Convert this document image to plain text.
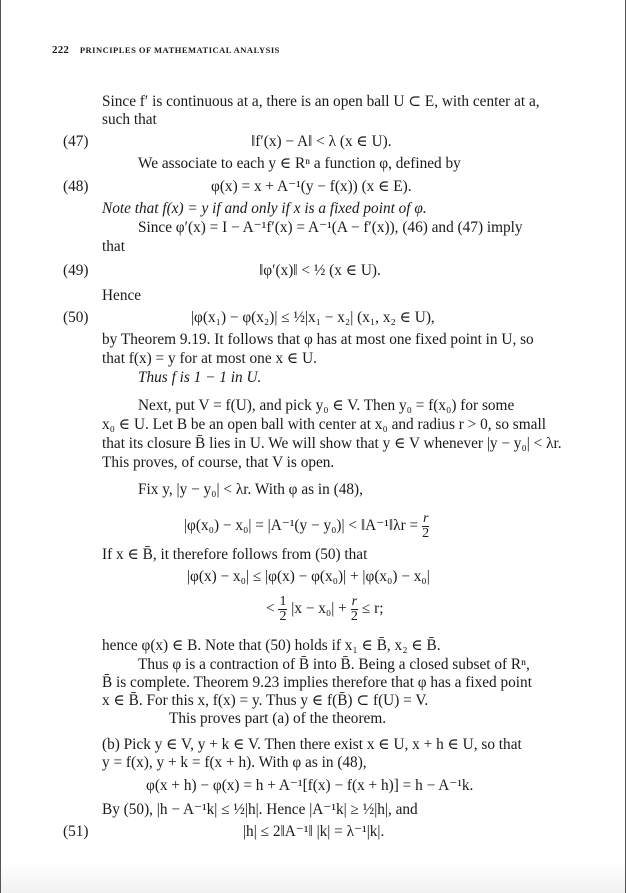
222 PRINCIPLES OF MATHEMATICAL ANALYSIS
Since f′ is continuous at a, there is an open ball U ⊂ E, with center at a,
such that
(47)	‖f′(x) − A‖ < λ (x ∈ U).
We associate to each y ∈ Rⁿ a function φ, defined by
(48)	φ(x) = x + A⁻¹(y − f(x)) (x ∈ E).
Note that f(x) = y if and only if x is a fixed point of φ.
Since φ′(x) = I − A⁻¹f′(x) = A⁻¹(A − f′(x)), (46) and (47) imply
that
(49)	‖φ′(x)‖ < ½ (x ∈ U).
Hence
(50)	|φ(x₁) − φ(x₂)| ≤ ½|x₁ − x₂| (x₁, x₂ ∈ U),
by Theorem 9.19. It follows that φ has at most one fixed point in U, so
that f(x) = y for at most one x ∈ U.
Thus f is 1 − 1 in U.
Next, put V = f(U), and pick y₀ ∈ V. Then y₀ = f(x₀) for some
x₀ ∈ U. Let B be an open ball with center at x₀ and radius r > 0, so small
that its closure B̄ lies in U. We will show that y ∈ V whenever |y − y₀| < λr.
This proves, of course, that V is open.
Fix y, |y − y₀| < λr. With φ as in (48),
|φ(x₀) − x₀| = |A⁻¹(y − y₀)| < ‖A⁻¹‖λr = $\frac{r}{2}$
If x ∈ B̄, it therefore follows from (50) that
|φ(x) − x₀| ≤ |φ(x) − φ(x₀)| + |φ(x₀) − x₀|
< $\frac{1}{2} |x - x_0| + \frac{r}{2} \le r$;
hence φ(x) ∈ B. Note that (50) holds if x₁ ∈ B̄, x₂ ∈ B̄.
Thus φ is a contraction of B̄ into B̄. Being a closed subset of Rⁿ,
B̄ is complete. Theorem 9.23 implies therefore that φ has a fixed point
x ∈ B̄. For this x, f(x) = y. Thus y ∈ f(B̄) ⊂ f(U) = V.
This proves part (a) of the theorem.
(b) Pick y ∈ V, y + k ∈ V. Then there exist x ∈ U, x + h ∈ U, so that
y = f(x), y + k = f(x + h). With φ as in (48),
φ(x + h) − φ(x) = h + A⁻¹[f(x) − f(x + h)] = h − A⁻¹k.
By (50), |h − A⁻¹k| ≤ ½|h|. Hence |A⁻¹k| ≥ ½|h|, and
(51)	|h| ≤ 2‖A⁻¹‖ |k| = λ⁻¹|k|.
